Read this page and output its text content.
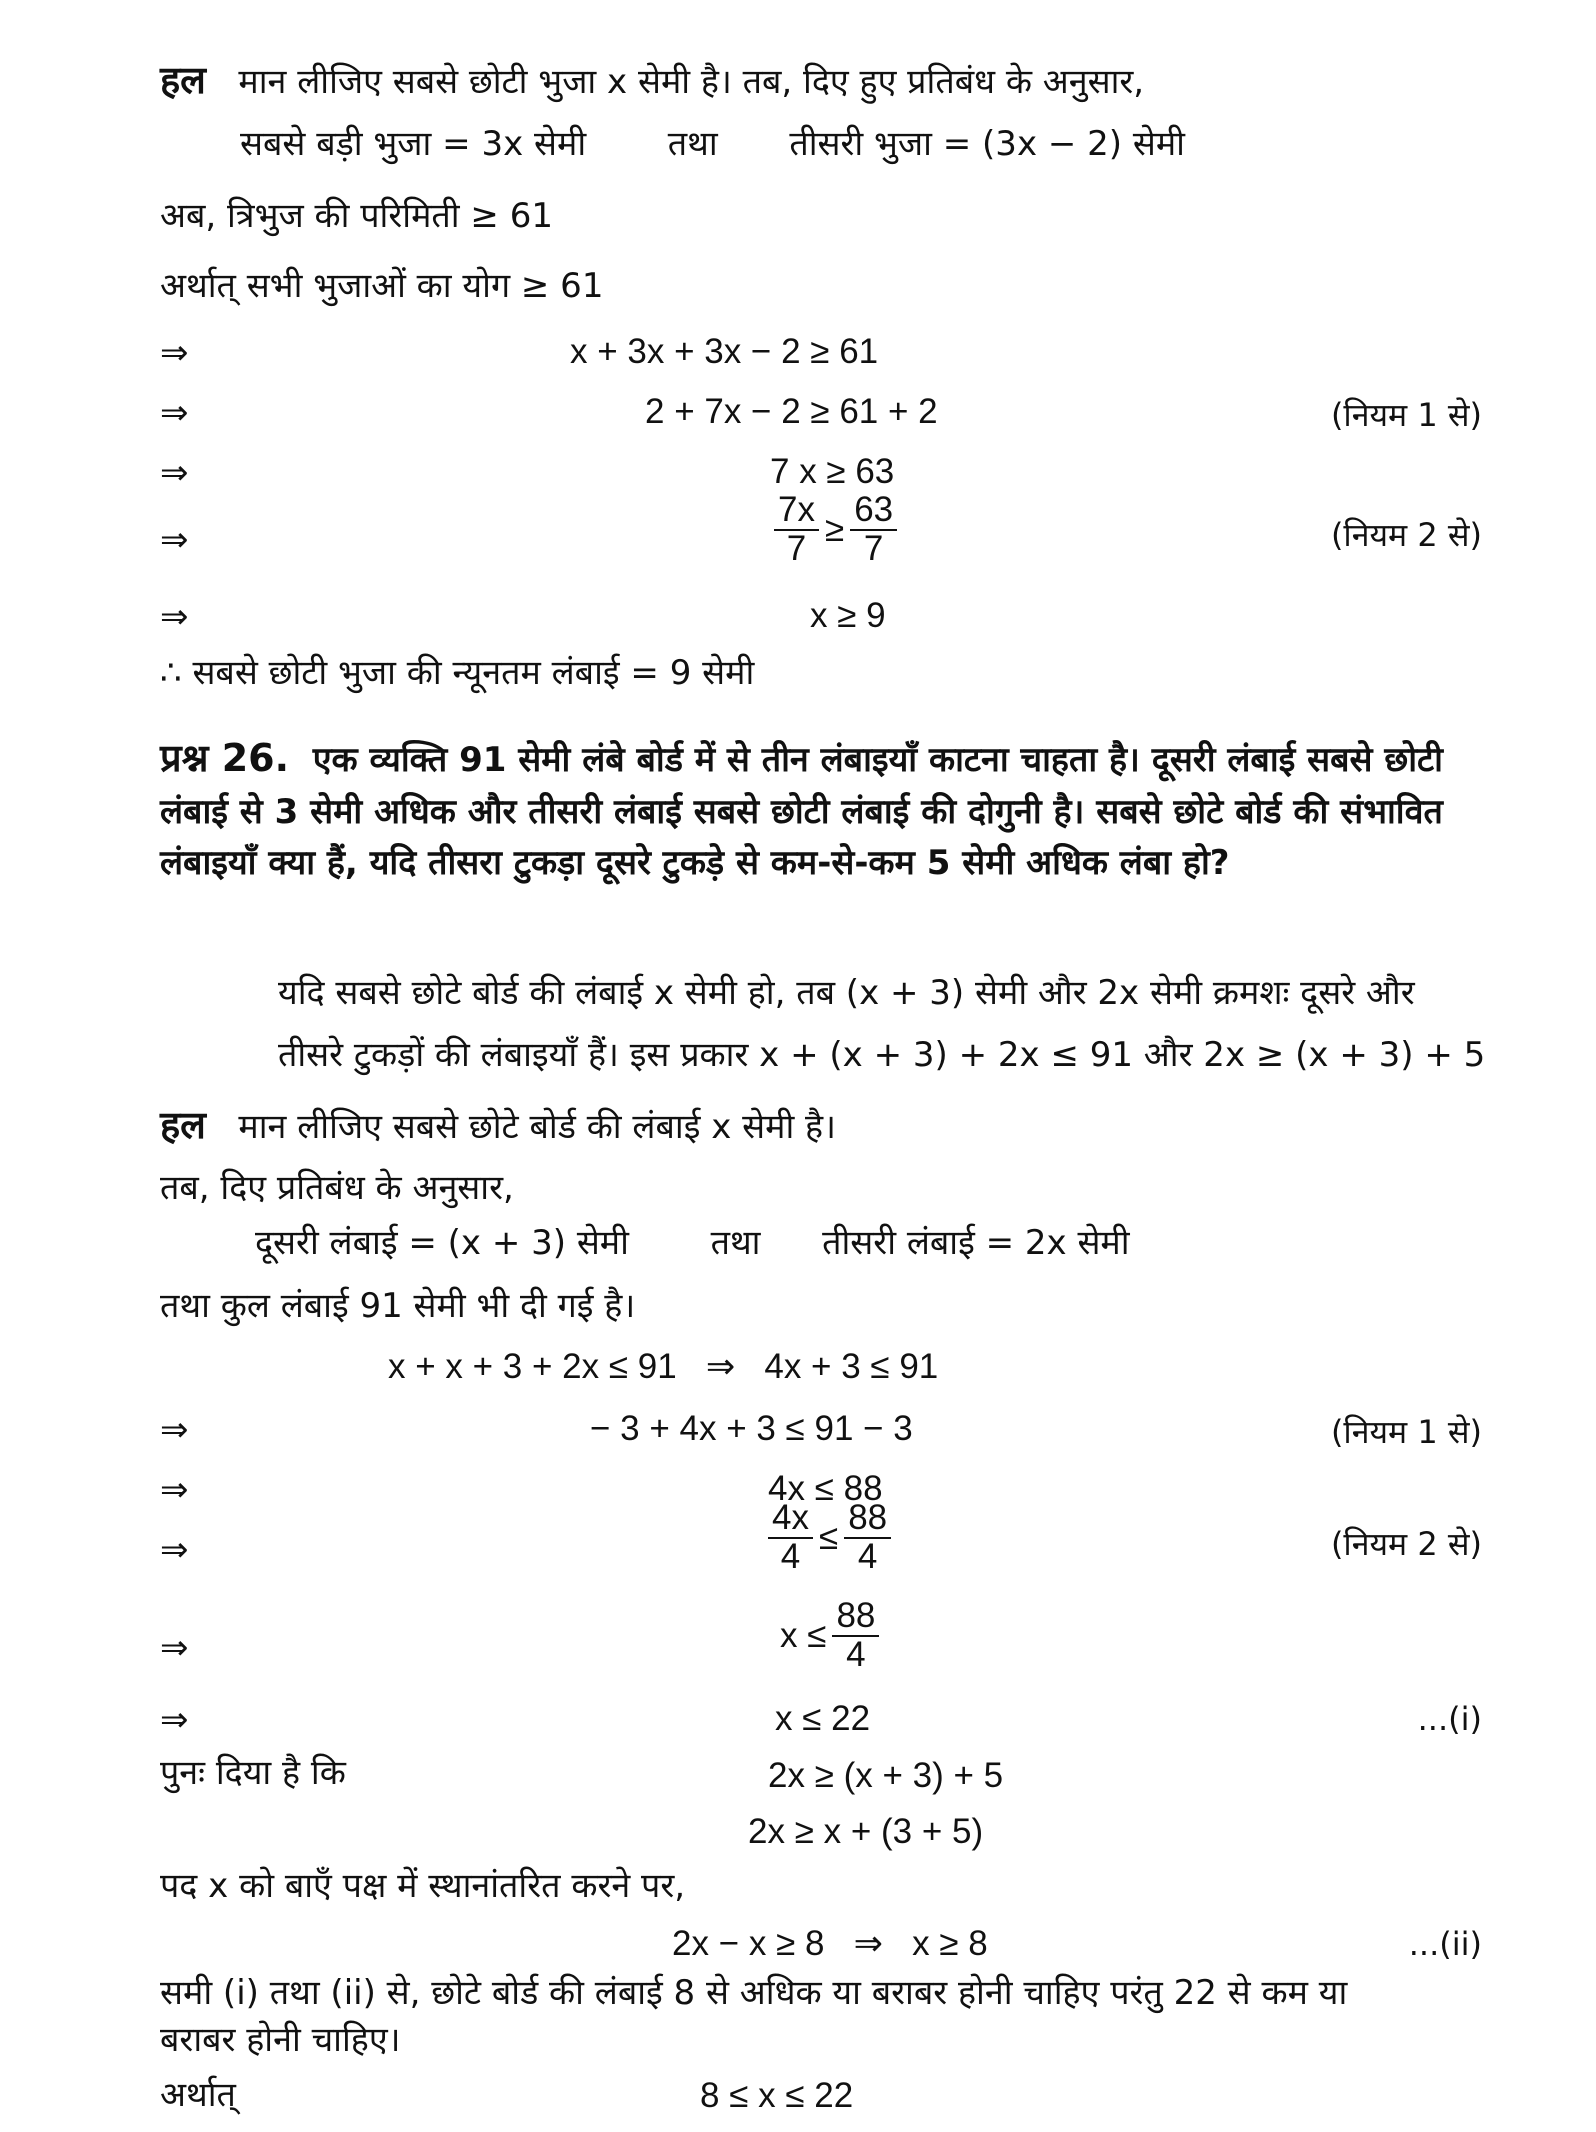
हल मान लीजिए सबसे छोटी भुजा x सेमी है। तब, दिए हुए प्रतिबंध के अनुसार,
सबसे बड़ी भुजा = 3x सेमी तथा तीसरी भुजा = (3x − 2) सेमी
अब, त्रिभुज की परिमिती ≥ 61
अर्थात् सभी भुजाओं का योग ≥ 61
⇒	x + 3x + 3x − 2 ≥ 61
⇒	2 + 7x − 2 ≥ 61 + 2	(नियम 1 से)
⇒	7 x ≥ 63
⇒	$\frac{7x}{7} \ge \frac{63}{7}$	(नियम 2 से)
⇒	x ≥ 9
∴ सबसे छोटी भुजा की न्यूनतम लंबाई = 9 सेमी
प्रश्न 26. एक व्यक्ति 91 सेमी लंबे बोर्ड में से तीन लंबाइयाँ काटना चाहता है। दूसरी लंबाई सबसे छोटी लंबाई से 3 सेमी अधिक और तीसरी लंबाई सबसे छोटी लंबाई की दोगुनी है। सबसे छोटे बोर्ड की संभावित लंबाइयाँ क्या हैं, यदि तीसरा टुकड़ा दूसरे टुकड़े से कम-से-कम 5 सेमी अधिक लंबा हो?
यदि सबसे छोटे बोर्ड की लंबाई x सेमी हो, तब (x + 3) सेमी और 2x सेमी क्रमशः दूसरे और
तीसरे टुकड़ों की लंबाइयाँ हैं। इस प्रकार x + (x + 3) + 2x ≤ 91 और 2x ≥ (x + 3) + 5
हल मान लीजिए सबसे छोटे बोर्ड की लंबाई x सेमी है।
तब, दिए प्रतिबंध के अनुसार,
दूसरी लंबाई = (x + 3) सेमी तथा तीसरी लंबाई = 2x सेमी
तथा कुल लंबाई 91 सेमी भी दी गई है।
x + x + 3 + 2x ≤ 91   ⇒   4x + 3 ≤ 91
⇒	− 3 + 4x + 3 ≤ 91 − 3	(नियम 1 से)
⇒	4x ≤ 88
⇒	$\frac{4x}{4} \le \frac{88}{4}$	(नियम 2 से)
⇒	$x \le \frac{88}{4}$
⇒	x ≤ 22	...(i)
पुनः दिया है कि	2x ≥ (x + 3) + 5
2x ≥ x + (3 + 5)
पद x को बाएँ पक्ष में स्थानांतरित करने पर,
2x − x ≥ 8   ⇒   x ≥ 8	...(ii)
समी (i) तथा (ii) से, छोटे बोर्ड की लंबाई 8 से अधिक या बराबर होनी चाहिए परंतु 22 से कम या
बराबर होनी चाहिए।
अर्थात्	8 ≤ x ≤ 22
